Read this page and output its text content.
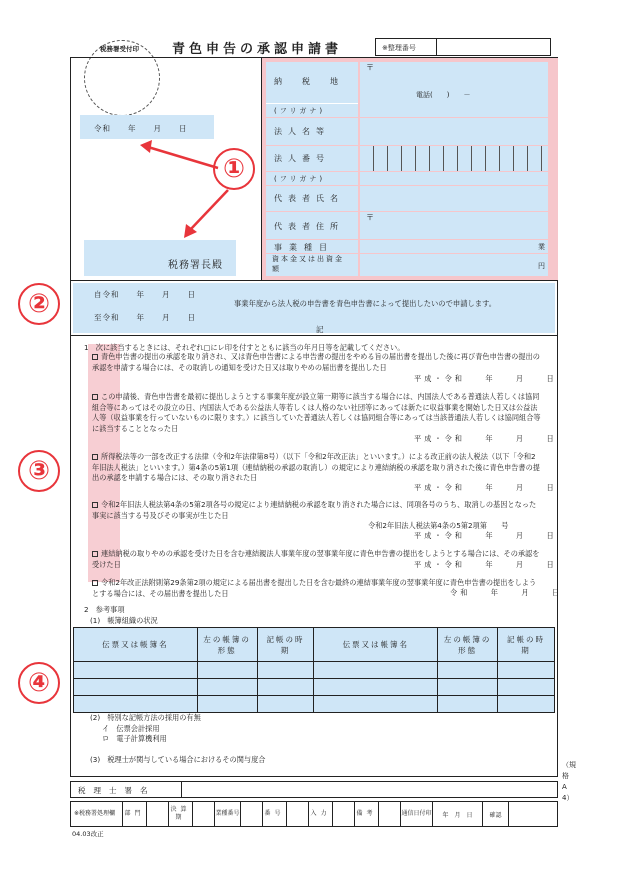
税務署受付印	青色申告の承認申請書	※整理番号
令和　　年　　月　　日
税務署長殿
①
納　税　地
〒
電話(　　)　　－
(フリガナ)
法人名等
法人番号
(フリガナ)
代表者氏名
代表者住所
〒
事業種目	業
資本金又は出資金額	円
②	自令和　　年　　月　　日
至令和　　年　　月　　日
事業年度から法人税の申告書を青色申告書によって提出したいので申請します。
記
③
1　次に該当するときには、それぞれ□にレ印を付すとともに該当の年月日等を記載してください。
青色申告書の提出の承認を取り消され、又は青色申告書による申告書の提出をやめる旨の届出書を提出した後に再び青色申告書の提出の承認を申請する場合には、その取消しの通知を受けた日又は取りやめの届出書を提出した日
平成・令和　　年　　月　　日
この申請後、青色申告書を最初に提出しようとする事業年度が設立第一期等に該当する場合には、内国法人である普通法人若しくは協同組合等にあってはその設立の日、内国法人である公益法人等若しくは人格のない社団等にあっては新たに収益事業を開始した日又は公益法人等（収益事業を行っていないものに限ります。）に該当していた普通法人若しくは協同組合等にあっては当該普通法人若しくは協同組合等に該当することとなった日
平成・令和　　年　　月　　日
所得税法等の一部を改正する法律（令和2年法律第8号）（以下「令和2年改正法」といいます。）による改正前の法人税法（以下「令和2年旧法人税法」といいます。）第4条の5第1項（連結納税の承認の取消し）の規定により連結納税の承認を取り消された後に青色申告書の提出の承認を申請する場合には、その取り消された日
平成・令和　　年　　月　　日
令和2年旧法人税法第4条の5第2項各号の規定により連結納税の承認を取り消された場合には、同項各号のうち、取消しの基因となった事実に該当する号及びその事実が生じた日
令和2年旧法人税法第4条の5第2項第　　号
平成・令和　　年　　月　　日
連結納税の取りやめの承認を受けた日を含む連結親法人事業年度の翌事業年度に青色申告書の提出をしようとする場合には、その承認を受けた日	平成・令和　　年　　月　　日
令和2年改正法附則第29条第2項の規定による届出書を提出した日を含む最終の連結事業年度の翌事業年度に青色申告書の提出をしようとする場合には、その届出書を提出した日	令和　　年　　月　　日
2　参考事項
(1)　帳簿組織の状況
④
伝票又は帳簿名	左の帳簿の形態	記帳の時期	伝票又は帳簿名	左の帳簿の形態	記帳の時期

(2)　特別な記帳方法の採用の有無
イ　伝票会計採用
ロ　電子計算機利用
(3)　税理士が関与している場合におけるその関与度合
税理士署名
※税務署処理欄	部門		決算期		業種番号		番号		入力		備考		通信日付印	年　月　日	確認	
04.03改正
（規格A4）
